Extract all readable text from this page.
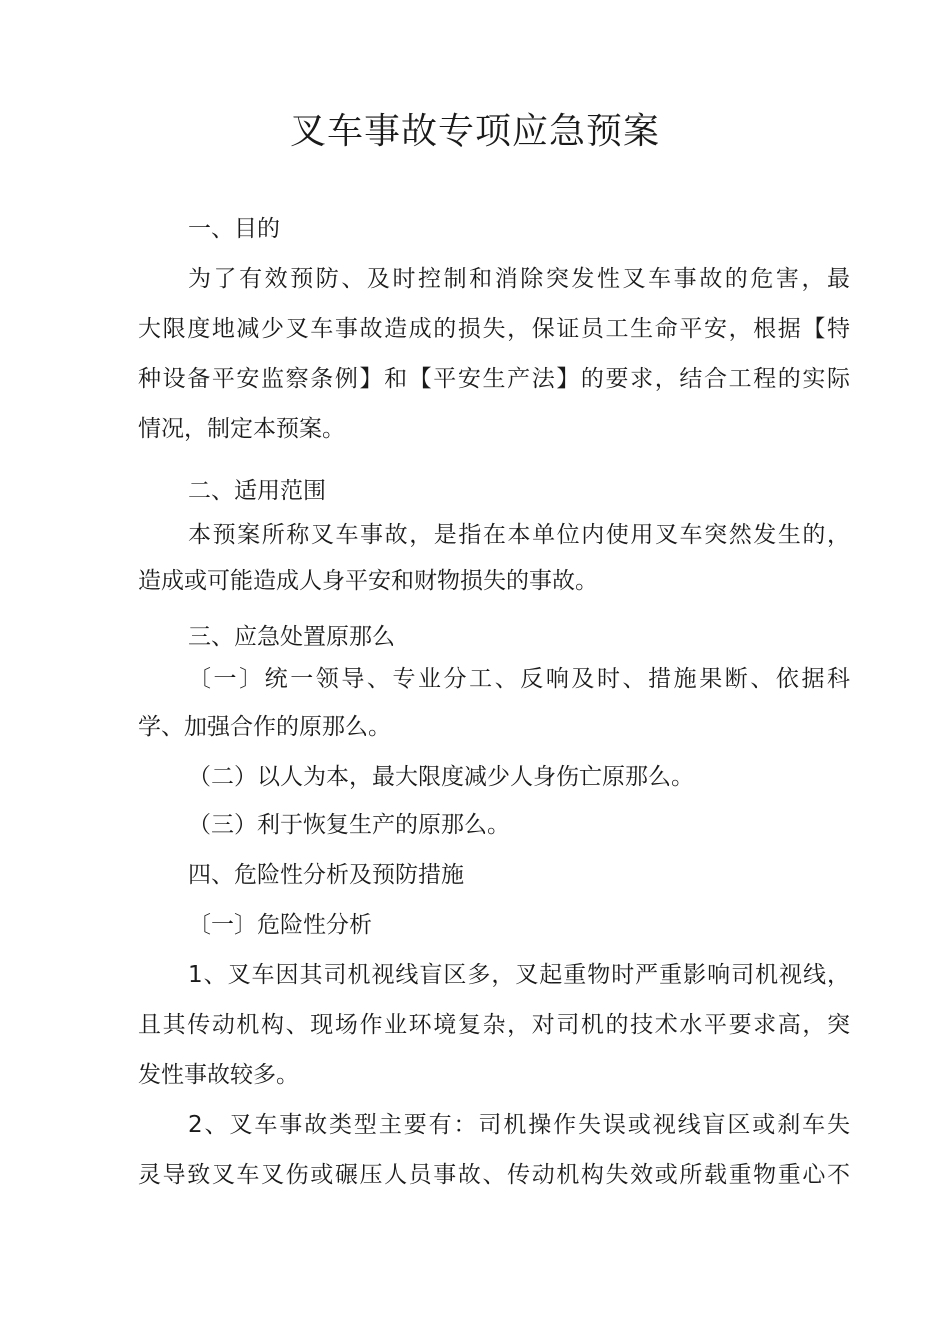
叉车事故专项应急预案

一、目的

为了有效预防、及时控制和消除突发性叉车事故的危害，最

大限度地减少叉车事故造成的损失，保证员工生命平安，根据【特

种设备平安监察条例】和【平安生产法】的要求，结合工程的实际

情况，制定本预案。

二、适用范围

本预案所称叉车事故，是指在本单位内使用叉车突然发生的，

造成或可能造成人身平安和财物损失的事故。

三、应急处置原那么

〔一〕统一领导、专业分工、反响及时、措施果断、依据科

学、加强合作的原那么。

（二）以人为本，最大限度减少人身伤亡原那么。

（三）利于恢复生产的原那么。

四、危险性分析及预防措施

〔一〕危险性分析

1、叉车因其司机视线盲区多，叉起重物时严重影响司机视线，

且其传动机构、现场作业环境复杂，对司机的技术水平要求高，突

发性事故较多。

2、叉车事故类型主要有：司机操作失误或视线盲区或刹车失

灵导致叉车叉伤或碾压人员事故、传动机构失效或所载重物重心不
